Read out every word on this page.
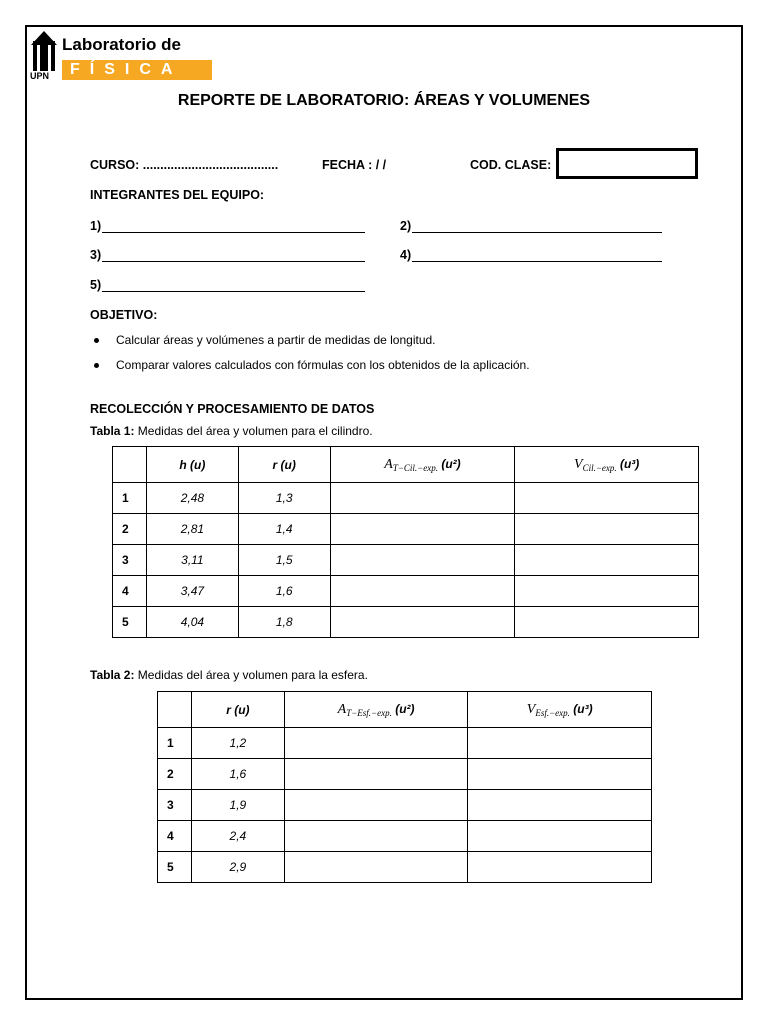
UPN
Laboratorio de
FÍSICA
REPORTE DE LABORATORIO: ÁREAS Y VOLUMENES
CURSO: .......................................	FECHA : / /	COD. CLASE:
INTEGRANTES DEL EQUIPO:
1)	2)
3)	4)
5)
OBJETIVO:
Calcular áreas y volúmenes a partir de medidas de longitud.
Comparar valores calculados con fórmulas con los obtenidos de la aplicación.
RECOLECCIÓN Y PROCESAMIENTO DE DATOS
Tabla 1: Medidas del área y volumen para el cilindro.
	h (u)	r (u)	$A_{T-Cil.-exp.}$ (u²)	$V_{Cil.-exp.}$ (u³)
1	2,48	1,3		
2	2,81	1,4		
3	3,11	1,5		
4	3,47	1,6		
5	4,04	1,8		
Tabla 2: Medidas del área y volumen para la esfera.
	r (u)	$A_{T-Esf.-exp.}$ (u²)	$V_{Esf.-exp.}$ (u³)
1	1,2		
2	1,6		
3	1,9		
4	2,4		
5	2,9		
